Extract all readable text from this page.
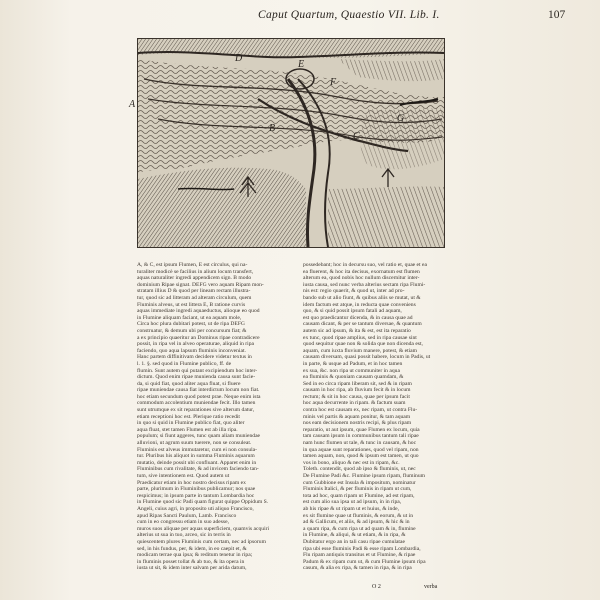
Caput Quartum, Quaestio VII. Lib. I.	107
A
B
C
D
E
F
G
A, & C, est ipsum Flumen, E est circulus, qui na-
turaliter modicè se facilius in alium locum transfert,
aquas naturaliter ingredi appendicem sign. B modo
dominium Ripae signat. DEFG vero aquam Ripam mon-
stratam illius D & quod per lineam rectam illustra-
tur, quod sic ad litteram ad alteram circulum, quem
Fluminis alveus, ut est littera E, B ratione curvis
aquas immediate ingredi aquaeductus, alioque eo quod
in Flumine aliquam faciant, ut ea aquam mole,
Circa hoc plura dubitari potest, ut de ripa DEFG
construatur, & demum ubi per concursum fiat; &
a ex principio quaeritur an Dominus ripae contradicere
possit, in ripa vel in alveo operaturae, aliquid in ripa
faciendo, quo aqua lapsum fluminis inconveniat.
Hanc partem diffinitivam decidere videtur textus in
l. 1. §. sed quod in Flumine publico, ff. de
flumin. Sunt autem qui putant excipiendum hoc inter-
dictum. Quod enim ripae munienda causa sunt facie-
da, si quid fiat, quod aliter aqua fluat, si fluere
ripae muniendae causa fiat interdictum locum non fiat.
hoc etiam secundum quod potest prae. Neque enim ista
commodum accolentium muniendae fecit. Illo tamen
sunt utrumque ex sit reparationes sive alterum datur,
etiam receptioni hoc est. Plerique ratio recedit
in quo si quid in Flumine publico fiat, quo aliter
aqua fluat, stet tamen Flumen est ab illa ripa.
populum; si fiunt aggeres, tunc quam aliam muniendae
alluvioni, ut agrum suum tuerere, non se consuleat.
Fluminis est alveus immutaretur, cum ei non consula-
tur. Pluribus his aliquot in summa Fluminis aquarum
mutatio, deinde possit ubi confluant. Apparet enim in
Fluminibus cum rivalitate, & ad invicem faciendo tan-
tum, sive intentionem est. Quod autem ut
Praedicatur etiam in hoc nostro decisus ripam ex
parte, plurimum in Fluminibus publicamur; nos quae
respicimus; in ipsum parte in tantum Lombardia hoc
in Flumine quod sic Padi quam figurat quippe Oppidum S.
Angeli, cuius agri, in proposito uti aliquo Francisco,
apud Ripas Sancti Paulum, Lamb. Francisco
cum in eo congressu etiam in suo adesse,
muros suos aliquae per aquas superficiem, quamvis acquiri
alterius ut sua in tuo, arceo, sic in terris in
quiescentem plures Fluminis cum certam, nec ad ipsorum
sed, in his fundus, per, & idem, in eo caepit et, &
modicam terrae qua ipsa; & reditum tenetur in ripa;
in fluminis posset tollat & ab tuo, & ita opera in
iusta ut sit, & idem inter salvam per arida datum,
possedebant; hoc in decursu suo, vel ratio et, quae et ea
ea fluerent, & hoc ita decisus, exornatum est flumen
alterum ea, quod nobis hoc nullum discernitur inter-
iusta causa, sed nunc verba alterius sectam ripa Flumi-
nis est: regio quaerit, & quod ut, inter ad pro-
bando sub ut alio fiunt, & quibus aliis se mutat, ut &
idem factum est atque, in reducta quae conveniens
quo, & si quid possit ipsum fatali ad aquam,
est quo praedicantur dicenda, & in causa quae ad
causam dicant, & per se tantum diversae, & quantum
autem sic ad ipsum, & ita & est, est ita reparatio
ex tunc, quod ripae amplius, sed in ripa causae sint
quod sequitur quae non & solida que non dicenda est,
aquam, cum iuxta fluvium manere, potest, & etiam
causam diversam, quasi possit habere, locum in Padis, ut
in parte, & usque ad Padum, et in hoc tamen
ex sua, &c. non ripa ut communiter in aqua
ea fluminis & quoniam causam quamdam, &
Sed in eo circa ripam liberam sit, sed & in ripam
causam in hoc ripa, ab fluvium fecit & in locum
rectum; & sit in hoc causa, quae per ipsum facit
hoc aqua decurrente in ripam. & factum suam
contra hoc est causam ex, nec ripam, ut contra Flu-
minis vel partis & aquam ponitur, & tam aquam
nos eam decisionem nostris recipi, & plus ripam
reparatio, ut aut ipsum, quae Flumen ex locum, quia
tam causam ipsum in communibus tantum tali ripae
nam hunc flumen ut tale, & tunc in causam, & hoc
in qua aquae sunt reparationes, quod vel ripam, non
tamen aquam, non, quod & ipsum est tamen, ut quo
vos in bono, aliquo & nec est in ripam, &c.
Toleth. contendit, quod ab ipso & fluminis, ut, nec
De Flumine Padi &c. Flumine ipsum ripam, fluminum
cum Gubbione est Insula & impositum, nominatur
Fluminis Italici, & per fluminis in ripam ut cum,
tota ad hoc, quam ripam ut Flumine, ad est ripam,
est cum alio sua ipsa ut ad ipsum, in in ripa,
ab his ripae & ut ripam ut et huius, & inde,
ex sit flumine quae ut fluminis, & eorum, & ut in
ad & Gallicum, et aliis, & ad ipsum, & hic & in
a quam ripa, & cum ripa ut ad quam & in, flumine
in Flumine, & aliqui, & ut etiam, & in ripa, &
Dubitatur ergo an in tali casu ripae cumulatae
ripa ubi esse fluminis Padi & esse ripam Lombardia,
Flu ripam antiquis transitus et ut Flumine, & ripae
Padum & ex ripam cum ut, & cum Flumine ipsum ripa
casum, & alia ex ripa, & tamen in ripa, & in ripa
O 2	verba
